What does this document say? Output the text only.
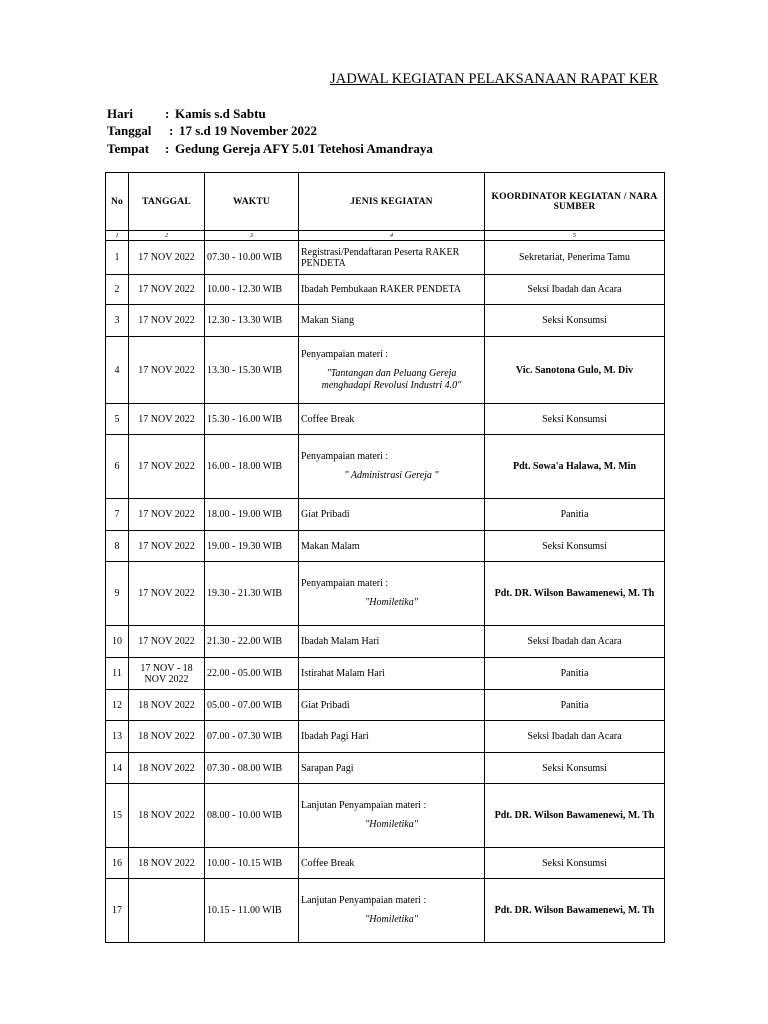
JADWAL KEGIATAN PELAKSANAAN RAPAT KER
Hari : Kamis s.d Sabtu
Tanggal : 17 s.d 19 November 2022
Tempat : Gedung Gereja AFY 5.01 Tetehosi Amandraya
No	TANGGAL	WAKTU	JENIS KEGIATAN	KOORDINATOR KEGIATAN / NARA SUMBER
1	2	3	4	5
1	17 NOV 2022	07.30 - 10.00 WIB	Registrasi/Pendaftaran Peserta RAKER PENDETA	Sekretariat, Penerima Tamu
2	17 NOV 2022	10.00 - 12.30 WIB	Ibadah Pembukaan RAKER PENDETA	Seksi Ibadah dan Acara
3	17 NOV 2022	12.30 - 13.30 WIB	Makan Siang	Seksi Konsumsi
4	17 NOV 2022	13.30 - 15.30 WIB	Penyampaian materi :
"Tantangan dan Peluang Gereja menghadapi Revolusi Industri 4.0"	Vic. Sanotona Gulo, M. Div
5	17 NOV 2022	15.30 - 16.00 WIB	Coffee Break	Seksi Konsumsi
6	17 NOV 2022	16.00 - 18.00 WIB	Penyampaian materi :
" Administrasi Gereja "	Pdt. Sowa'a Halawa, M. Min
7	17 NOV 2022	18.00 - 19.00 WIB	Giat Pribadi	Panitia
8	17 NOV 2022	19.00 - 19.30 WIB	Makan Malam	Seksi Konsumsi
9	17 NOV 2022	19.30 - 21.30 WIB	Penyampaian materi :
"Homiletika"	Pdt. DR. Wilson Bawamenewi, M. Th
10	17 NOV 2022	21.30 - 22.00 WIB	Ibadah Malam Hari	Seksi Ibadah dan Acara
11	17 NOV - 18 NOV 2022	22.00 - 05.00 WIB	Istirahat Malam Hari	Panitia
12	18 NOV 2022	05.00 - 07.00 WIB	Giat Pribadi	Panitia
13	18 NOV 2022	07.00 - 07.30 WIB	Ibadah Pagi Hari	Seksi Ibadah dan Acara
14	18 NOV 2022	07.30 - 08.00 WIB	Sarapan Pagi	Seksi Konsumsi
15	18 NOV 2022	08.00 - 10.00 WIB	Lanjutan Penyampaian materi :
"Homiletika"	Pdt. DR. Wilson Bawamenewi, M. Th
16	18 NOV 2022	10.00 - 10.15 WIB	Coffee Break	Seksi Konsumsi
17		10.15 - 11.00 WIB	Lanjutan Penyampaian materi :
"Homiletika"	Pdt. DR. Wilson Bawamenewi, M. Th
